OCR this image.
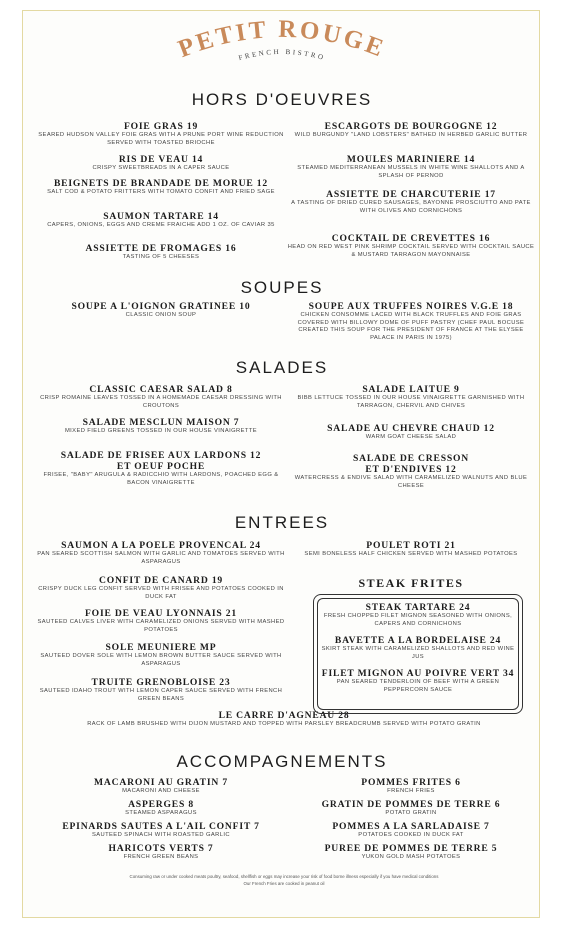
PETIT ROUGE
FRENCH BISTRO
HORS D'OEUVRES
FOIE GRAS 19
SEARED HUDSON VALLEY FOIE GRAS WITH A PRUNE PORT WINE REDUCTION SERVED WITH TOASTED BRIOCHE
ESCARGOTS DE BOURGOGNE 12
WILD BURGUNDY "LAND LOBSTERS" BATHED IN HERBED GARLIC BUTTER
RIS DE VEAU 14
CRISPY SWEETBREADS IN A CAPER SAUCE
MOULES MARINIERE 14
STEAMED MEDITERRANEAN MUSSELS IN WHITE WINE SHALLOTS AND A SPLASH OF PERNOD
BEIGNETS DE BRANDADE DE MORUE 12
SALT COD & POTATO FRITTERS WITH TOMATO CONFIT AND FRIED SAGE	ASSIETTE DE CHARCUTERIE 17
A TASTING OF DRIED CURED SAUSAGES, BAYONNE PROSCIUTTO AND PATE WITH OLIVES AND CORNICHONS
SAUMON TARTARE 14
CAPERS, ONIONS, EGGS AND CREME FRAICHE ADD 1 OZ. OF CAVIAR 35
ASSIETTE DE FROMAGES 16
TASTING OF 5 CHEESES
COCKTAIL DE CREVETTES 16
HEAD ON RED WEST PINK SHRIMP COCKTAIL SERVED WITH COCKTAIL SAUCE & MUSTARD TARRAGON MAYONNAISE
SOUPES
SOUPE A L'OIGNON GRATINEE 10
CLASSIC ONION SOUP
SOUPE AUX TRUFFES NOIRES V.G.E 18
CHICKEN CONSOMME LACED WITH BLACK TRUFFLES AND FOIE GRAS COVERED WITH BILLOWY DOME OF PUFF PASTRY (CHEF PAUL BOCUSE CREATED THIS SOUP FOR THE PRESIDENT OF FRANCE AT THE ELYSEE PALACE IN PARIS IN 1975)
SALADES
CLASSIC CAESAR SALAD 8
CRISP ROMAINE LEAVES TOSSED IN A HOMEMADE CAESAR DRESSING WITH CROUTONS
SALADE LAITUE 9
BIBB LETTUCE TOSSED IN OUR HOUSE VINAIGRETTE GARNISHED WITH TARRAGON, CHERVIL AND CHIVES
SALADE MESCLUN MAISON 7
MIXED FIELD GREENS TOSSED IN OUR HOUSE VINAIGRETTE	SALADE AU CHEVRE CHAUD 12
WARM GOAT CHEESE SALAD
SALADE DE FRISEE AUX LARDONS 12
ET OEUF POCHE
FRISEE, "BABY" ARUGULA & RADICCHIO WITH LARDONS, POACHED EGG & BACON VINAIGRETTE
SALADE DE CRESSON
ET D'ENDIVES 12
WATERCRESS & ENDIVE SALAD WITH CARAMELIZED WALNUTS AND BLUE CHEESE
ENTREES
SAUMON A LA POELE PROVENCAL 24
PAN SEARED SCOTTISH SALMON WITH GARLIC AND TOMATOES SERVED WITH ASPARAGUS
POULET ROTI 21
SEMI BONELESS HALF CHICKEN SERVED WITH MASHED POTATOES
CONFIT DE CANARD 19
CRISPY DUCK LEG CONFIT SERVED WITH FRISEE AND POTATOES COOKED IN DUCK FAT
FOIE DE VEAU LYONNAIS 21
SAUTEED CALVES LIVER WITH CARAMELIZED ONIONS SERVED WITH MASHED POTATOES
SOLE MEUNIERE MP
SAUTEED DOVER SOLE WITH LEMON BROWN BUTTER SAUCE SERVED WITH ASPARAGUS
TRUITE GRENOBLOISE 23
SAUTEED IDAHO TROUT WITH LEMON CAPER SAUCE SERVED WITH FRENCH GREEN BEANS
LE CARRE D'AGNEAU 28
RACK OF LAMB BRUSHED WITH DIJON MUSTARD AND TOPPED WITH PARSLEY BREADCRUMB SERVED WITH POTATO GRATIN
STEAK FRITES
STEAK TARTARE 24
FRESH CHOPPED FILET MIGNON SEASONED WITH ONIONS, CAPERS AND CORNICHONS
BAVETTE A LA BORDELAISE 24
SKIRT STEAK WITH CARAMELIZED SHALLOTS AND RED WINE JUS
FILET MIGNON AU POIVRE VERT 34
PAN SEARED TENDERLOIN OF BEEF WITH A GREEN PEPPERCORN SAUCE
ACCOMPAGNEMENTS
MACARONI AU GRATIN 7
MACARONI AND CHEESE
POMMES FRITES 6
FRENCH FRIES
ASPERGES 8
STEAMED ASPARAGUS
GRATIN DE POMMES DE TERRE 6
POTATO GRATIN
EPINARDS SAUTES A L'AIL CONFIT 7
SAUTEED SPINACH WITH ROASTED GARLIC
POMMES A LA SARLADAISE 7
POTATOES COOKED IN DUCK FAT
HARICOTS VERTS 7
FRENCH GREEN BEANS
PUREE DE POMMES DE TERRE 5
YUKON GOLD MASH POTATOES
Consuming raw or under cooked meats poultry, seafood, shellfish or eggs may increase your risk of food borne illness especially if you have medical conditions
Our French Fries are cooked in peanut oil
